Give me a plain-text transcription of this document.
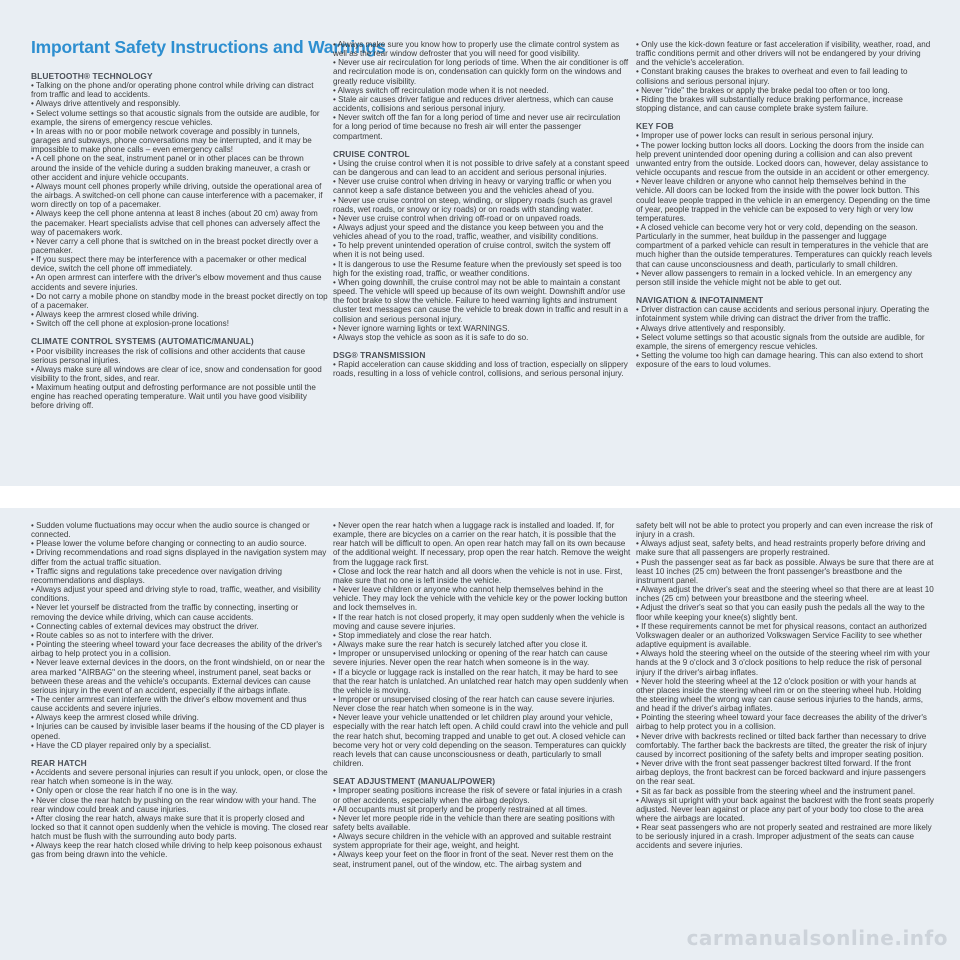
Important Safety Instructions and Warnings
BLUETOOTH® TECHNOLOGY
• Talking on the phone and/or operating phone control while driving can distract from traffic and lead to accidents.
• Always drive attentively and responsibly.
• Select volume settings so that acoustic signals from the outside are audible, for example, the sirens of emergency rescue vehicles.
• In areas with no or poor mobile network coverage and possibly in tunnels, garages and subways, phone conversations may be interrupted, and it may be impossible to make phone calls – even emergency calls!
• A cell phone on the seat, instrument panel or in other places can be thrown around the inside of the vehicle during a sudden braking maneuver, a crash or other accident and injure vehicle occupants.
• Always mount cell phones properly while driving, outside the operational area of the airbags. A switched-on cell phone can cause interference with a pacemaker, if worn directly on top of a pacemaker.
• Always keep the cell phone antenna at least 8 inches (about 20 cm) away from the pacemaker. Heart specialists advise that cell phones can adversely affect the way of pacemakers work.
• Never carry a cell phone that is switched on in the breast pocket directly over a pacemaker.
• If you suspect there may be interference with a pacemaker or other medical device, switch the cell phone off immediately.
• An open armrest can interfere with the driver's elbow movement and thus cause accidents and severe injuries.
• Do not carry a mobile phone on standby mode in the breast pocket directly on top of a pacemaker.
• Always keep the armrest closed while driving.
• Switch off the cell phone at explosion-prone locations!
CLIMATE CONTROL SYSTEMS (AUTOMATIC/MANUAL)
• Poor visibility increases the risk of collisions and other accidents that cause serious personal injuries.
• Always make sure all windows are clear of ice, snow and condensation for good visibility to the front, sides, and rear.
• Maximum heating output and defrosting performance are not possible until the engine has reached operating temperature. Wait until you have good visibility before driving off.
• Always make sure you know how to properly use the climate control system as well as the rear window defroster that you will need for good visibility.
• Never use air recirculation for long periods of time. When the air conditioner is off and recirculation mode is on, condensation can quickly form on the windows and greatly reduce visibility.
• Always switch off recirculation mode when it is not needed.
• Stale air causes driver fatigue and reduces driver alertness, which can cause accidents, collisions and serious personal injury.
• Never switch off the fan for a long period of time and never use air recirculation for a long period of time because no fresh air will enter the passenger compartment.
CRUISE CONTROL
• Using the cruise control when it is not possible to drive safely at a constant speed can be dangerous and can lead to an accident and serious personal injuries.
• Never use cruise control when driving in heavy or varying traffic or when you cannot keep a safe distance between you and the vehicles ahead of you.
• Never use cruise control on steep, winding, or slippery roads (such as gravel roads, wet roads, or snowy or icy roads) or on roads with standing water.
• Never use cruise control when driving off-road or on unpaved roads.
• Always adjust your speed and the distance you keep between you and the vehicles ahead of you to the road, traffic, weather, and visibility conditions.
• To help prevent unintended operation of cruise control, switch the system off when it is not being used.
• It is dangerous to use the Resume feature when the previously set speed is too high for the existing road, traffic, or weather conditions.
• When going downhill, the cruise control may not be able to maintain a constant speed. The vehicle will speed up because of its own weight. Downshift and/or use the foot brake to slow the vehicle. Failure to heed warning lights and instrument cluster text messages can cause the vehicle to break down in traffic and result in a collision and serious personal injury.
• Never ignore warning lights or text WARNINGS.
• Always stop the vehicle as soon as it is safe to do so.
DSG® TRANSMISSION
• Rapid acceleration can cause skidding and loss of traction, especially on slippery roads, resulting in a loss of vehicle control, collisions, and serious personal injury.
• Only use the kick-down feature or fast acceleration if visibility, weather, road, and traffic conditions permit and other drivers will not be endangered by your driving and the vehicle's acceleration.
• Constant braking causes the brakes to overheat and even to fail leading to collisions and serious personal injury.
• Never "ride" the brakes or apply the brake pedal too often or too long.
• Riding the brakes will substantially reduce braking performance, increase stopping distance, and can cause complete brake system failure.
KEY FOB
• Improper use of power locks can result in serious personal injury.
• The power locking button locks all doors. Locking the doors from the inside can help prevent unintended door opening during a collision and can also prevent unwanted entry from the outside. Locked doors can, however, delay assistance to vehicle occupants and rescue from the outside in an accident or other emergency.
• Never leave children or anyone who cannot help themselves behind in the vehicle. All doors can be locked from the inside with the power lock button. This could leave people trapped in the vehicle in an emergency. Depending on the time of year, people trapped in the vehicle can be exposed to very high or very low temperatures.
• A closed vehicle can become very hot or very cold, depending on the season. Particularly in the summer, heat buildup in the passenger and luggage compartment of a parked vehicle can result in temperatures in the vehicle that are much higher than the outside temperatures. Temperatures can quickly reach levels that can cause unconsciousness and death, particularly to small children.
• Never allow passengers to remain in a locked vehicle. In an emergency any person still inside the vehicle might not be able to get out.
NAVIGATION & INFOTAINMENT
• Driver distraction can cause accidents and serious personal injury. Operating the infotainment system while driving can distract the driver from the traffic.
• Always drive attentively and responsibly.
• Select volume settings so that acoustic signals from the outside are audible, for example, the sirens of emergency rescue vehicles.
• Setting the volume too high can damage hearing. This can also extend to short exposure of the ears to loud volumes.
• Sudden volume fluctuations may occur when the audio source is changed or connected.
• Please lower the volume before changing or connecting to an audio source.
• Driving recommendations and road signs displayed in the navigation system may differ from the actual traffic situation.
• Traffic signs and regulations take precedence over navigation driving recommendations and displays.
• Always adjust your speed and driving style to road, traffic, weather, and visibility conditions.
• Never let yourself be distracted from the traffic by connecting, inserting or removing the device while driving, which can cause accidents.
• Connecting cables of external devices may obstruct the driver.
• Route cables so as not to interfere with the driver.
• Pointing the steering wheel toward your face decreases the ability of the driver's airbag to help protect you in a collision.
• Never leave external devices in the doors, on the front windshield, on or near the area marked "AIRBAG" on the steering wheel, instrument panel, seat backs or between these areas and the vehicle's occupants. External devices can cause serious injury in the event of an accident, especially if the airbags inflate.
• The center armrest can interfere with the driver's elbow movement and thus cause accidents and severe injuries.
• Always keep the armrest closed while driving.
• Injuries can be caused by invisible laser beams if the housing of the CD player is opened.
• Have the CD player repaired only by a specialist.
REAR HATCH
• Accidents and severe personal injuries can result if you unlock, open, or close the rear hatch when someone is in the way.
• Only open or close the rear hatch if no one is in the way.
• Never close the rear hatch by pushing on the rear window with your hand. The rear window could break and cause injuries.
• After closing the rear hatch, always make sure that it is properly closed and locked so that it cannot open suddenly when the vehicle is moving. The closed rear hatch must be flush with the surrounding auto body parts.
• Always keep the rear hatch closed while driving to help keep poisonous exhaust gas from being drawn into the vehicle.
• Never open the rear hatch when a luggage rack is installed and loaded. If, for example, there are bicycles on a carrier on the rear hatch, it is possible that the rear hatch will be difficult to open. An open rear hatch may fall on its own because of the additional weight. If necessary, prop open the rear hatch. Remove the weight from the luggage rack first.
• Close and lock the rear hatch and all doors when the vehicle is not in use. First, make sure that no one is left inside the vehicle.
• Never leave children or anyone who cannot help themselves behind in the vehicle. They may lock the vehicle with the vehicle key or the power locking button and lock themselves in.
• If the rear hatch is not closed properly, it may open suddenly when the vehicle is moving and cause severe injuries.
• Stop immediately and close the rear hatch.
• Always make sure the rear hatch is securely latched after you close it.
• Improper or unsupervised unlocking or opening of the rear hatch can cause severe injuries. Never open the rear hatch when someone is in the way.
• If a bicycle or luggage rack is installed on the rear hatch, it may be hard to see that the rear hatch is unlatched. An unlatched rear hatch may open suddenly when the vehicle is moving.
• Improper or unsupervised closing of the rear hatch can cause severe injuries. Never close the rear hatch when someone is in the way.
• Never leave your vehicle unattended or let children play around your vehicle, especially with the rear hatch left open. A child could crawl into the vehicle and pull the rear hatch shut, becoming trapped and unable to get out. A closed vehicle can become very hot or very cold depending on the season. Temperatures can quickly reach levels that can cause unconsciousness or death, particularly to small children.
SEAT ADJUSTMENT (MANUAL/POWER)
• Improper seating positions increase the risk of severe or fatal injuries in a crash or other accidents, especially when the airbag deploys.
• All occupants must sit properly and be properly restrained at all times.
• Never let more people ride in the vehicle than there are seating positions with safety belts available.
• Always secure children in the vehicle with an approved and suitable restraint system appropriate for their age, weight, and height.
• Always keep your feet on the floor in front of the seat. Never rest them on the seat, instrument panel, out of the window, etc. The airbag system and
safety belt will not be able to protect you properly and can even increase the risk of injury in a crash.
• Always adjust seat, safety belts, and head restraints properly before driving and make sure that all passengers are properly restrained.
• Push the passenger seat as far back as possible. Always be sure that there are at least 10 inches (25 cm) between the front passenger's breastbone and the instrument panel.
• Always adjust the driver's seat and the steering wheel so that there are at least 10 inches (25 cm) between your breastbone and the steering wheel.
• Adjust the driver's seat so that you can easily push the pedals all the way to the floor while keeping your knee(s) slightly bent.
• If these requirements cannot be met for physical reasons, contact an authorized Volkswagen dealer or an authorized Volkswagen Service Facility to see whether adaptive equipment is available.
• Always hold the steering wheel on the outside of the steering wheel rim with your hands at the 9 o'clock and 3 o'clock positions to help reduce the risk of personal injury if the driver's airbag inflates.
• Never hold the steering wheel at the 12 o'clock position or with your hands at other places inside the steering wheel rim or on the steering wheel hub. Holding the steering wheel the wrong way can cause serious injuries to the hands, arms, and head if the driver's airbag inflates.
• Pointing the steering wheel toward your face decreases the ability of the driver's airbag to help protect you in a collision.
• Never drive with backrests reclined or tilted back farther than necessary to drive comfortably. The farther back the backrests are tilted, the greater the risk of injury caused by incorrect positioning of the safety belts and improper seating position.
• Never drive with the front seat passenger backrest tilted forward. If the front airbag deploys, the front backrest can be forced backward and injure passengers on the rear seat.
• Sit as far back as possible from the steering wheel and the instrument panel.
• Always sit upright with your back against the backrest with the front seats properly adjusted. Never lean against or place any part of your body too close to the area where the airbags are located.
• Rear seat passengers who are not properly seated and restrained are more likely to be seriously injured in a crash. Improper adjustment of the seats can cause accidents and severe injuries.
carmanualsonline.info
